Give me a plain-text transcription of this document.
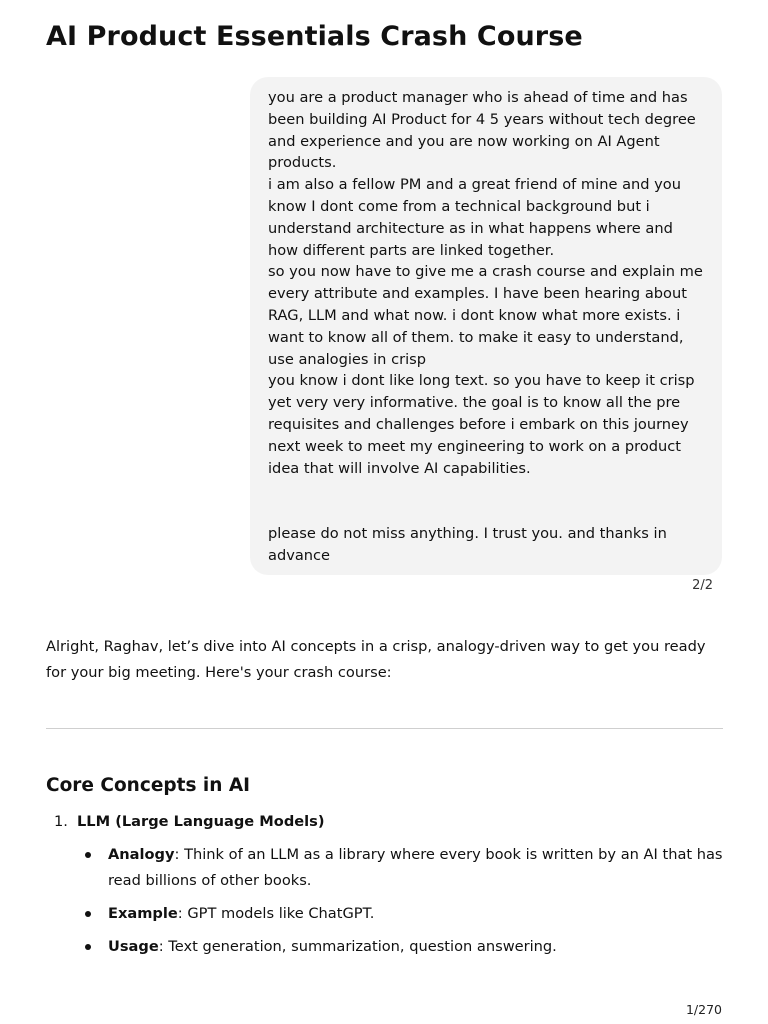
AI Product Essentials Crash Course

you are a product manager who is ahead of time and has been building AI Product for 4 5 years without tech degree and experience and you are now working on AI Agent products.

i am also a fellow PM and a great friend of mine and you know I dont come from a technical background but i understand architecture as in what happens where and how different parts are linked together.

so you now have to give me a crash course and explain me every attribute and examples. I have been hearing about RAG, LLM and what now. i dont know what more exists. i want to know all of them. to make it easy to understand, use analogies in crisp

you know i dont like long text. so you have to keep it crisp yet very very informative. the goal is to know all the pre requisites and challenges before i embark on this journey next week to meet my engineering to work on a product idea that will involve AI capabilities.

please do not miss anything. I trust you. and thanks in advance

2/2

Alright, Raghav, let’s dive into AI concepts in a crisp, analogy-driven way to get you ready for your big meeting. Here's your crash course:

Core Concepts in AI
1. LLM (Large Language Models)
Analogy: Think of an LLM as a library where every book is written by an AI that has read billions of other books.
Example: GPT models like ChatGPT.
Usage: Text generation, summarization, question answering.
1/270
